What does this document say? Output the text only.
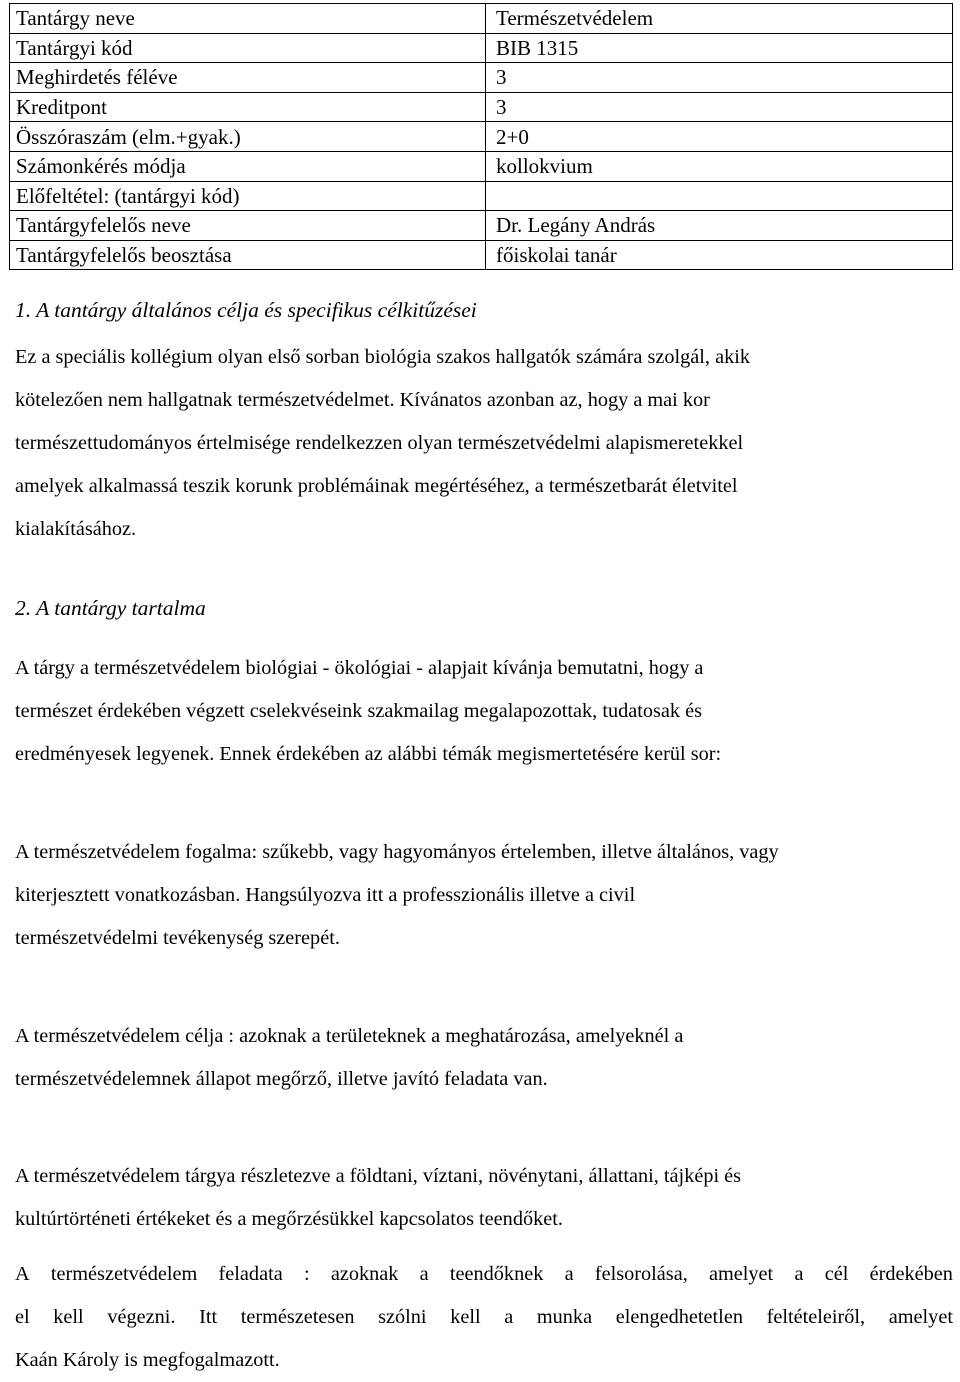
Tantárgy neve	Természetvédelem
Tantárgyi kód	BIB 1315
Meghirdetés féléve	3
Kreditpont	3
Összóraszám (elm.+gyak.)	2+0
Számonkérés módja	kollokvium
Előfeltétel: (tantárgyi kód)	
Tantárgyfelelős neve	Dr. Legány András
Tantárgyfelelős beosztása	főiskolai tanár
1. A tantárgy általános célja és specifikus célkitűzései
Ez a speciális kollégium olyan első sorban biológia szakos hallgatók számára szolgál, akik
kötelezően nem hallgatnak természetvédelmet. Kívánatos azonban az, hogy a mai kor
természettudományos értelmisége rendelkezzen olyan természetvédelmi alapismeretekkel
amelyek alkalmassá teszik korunk problémáinak megértéséhez, a természetbarát életvitel
kialakításához.
2. A tantárgy tartalma
A tárgy a természetvédelem biológiai - ökológiai - alapjait kívánja bemutatni, hogy a
természet érdekében végzett cselekvéseink szakmailag megalapozottak, tudatosak és
eredményesek legyenek. Ennek érdekében az alábbi témák megismertetésére kerül sor:
A természetvédelem fogalma: szűkebb, vagy hagyományos értelemben, illetve általános, vagy
kiterjesztett vonatkozásban. Hangsúlyozva itt a professzionális illetve a civil
természetvédelmi tevékenység szerepét.
A természetvédelem célja : azoknak a területeknek a meghatározása, amelyeknél a
természetvédelemnek állapot megőrző, illetve javító feladata van.
A természetvédelem tárgya részletezve a földtani, víztani, növénytani, állattani, tájképi és
kultúrtörténeti értékeket és a megőrzésükkel kapcsolatos teendőket.
A természetvédelem feladata : azoknak a teendőknek a felsorolása, amelyet a cél érdekében
el kell végezni. Itt természetesen szólni kell a munka elengedhetetlen feltételeiről, amelyet
Kaán Károly is megfogalmazott.
